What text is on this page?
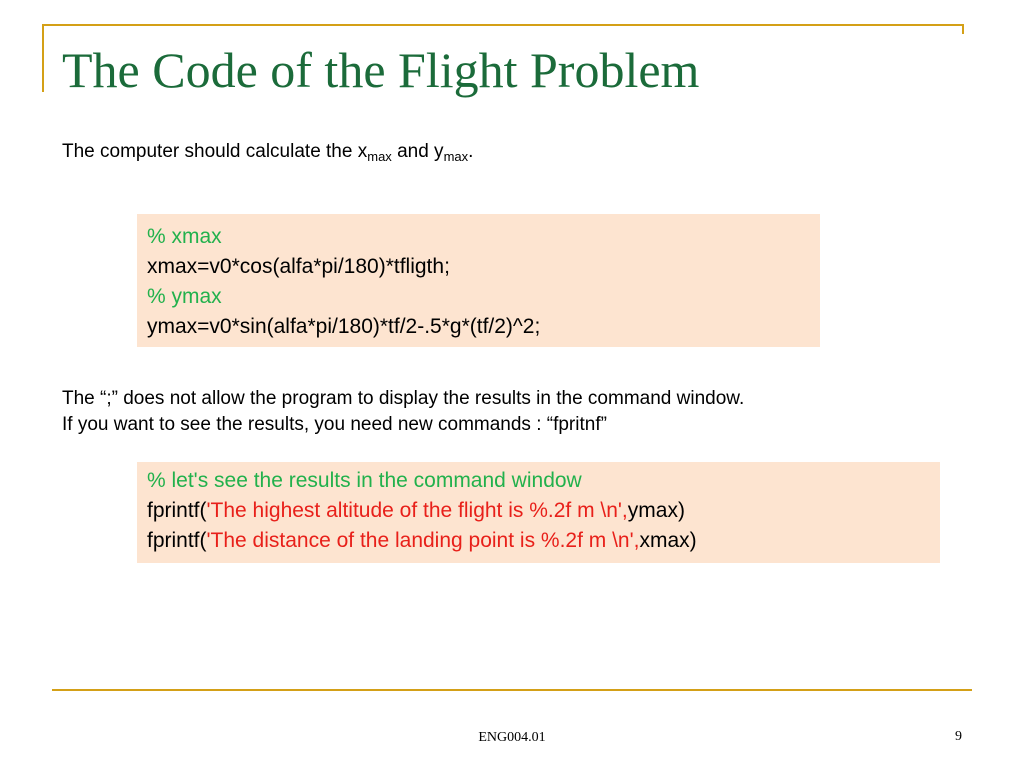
The Code of the Flight Problem
The computer should calculate the $x_{max}$ and $y_{max}$.
% xmax
xmax=v0*cos(alfa*pi/180)*tfligth;
% ymax
ymax=v0*sin(alfa*pi/180)*tf/2-.5*g*(tf/2)^2;
The “;” does not allow the program to display the results in the command window.
If you want to see the results, you need new commands : “fpritnf”
% let's see the results in the command window
fprintf('The highest altitude of the flight is %.2f m \n',ymax)
fprintf('The distance of the landing point is %.2f m \n',xmax)
ENG004.01	9
